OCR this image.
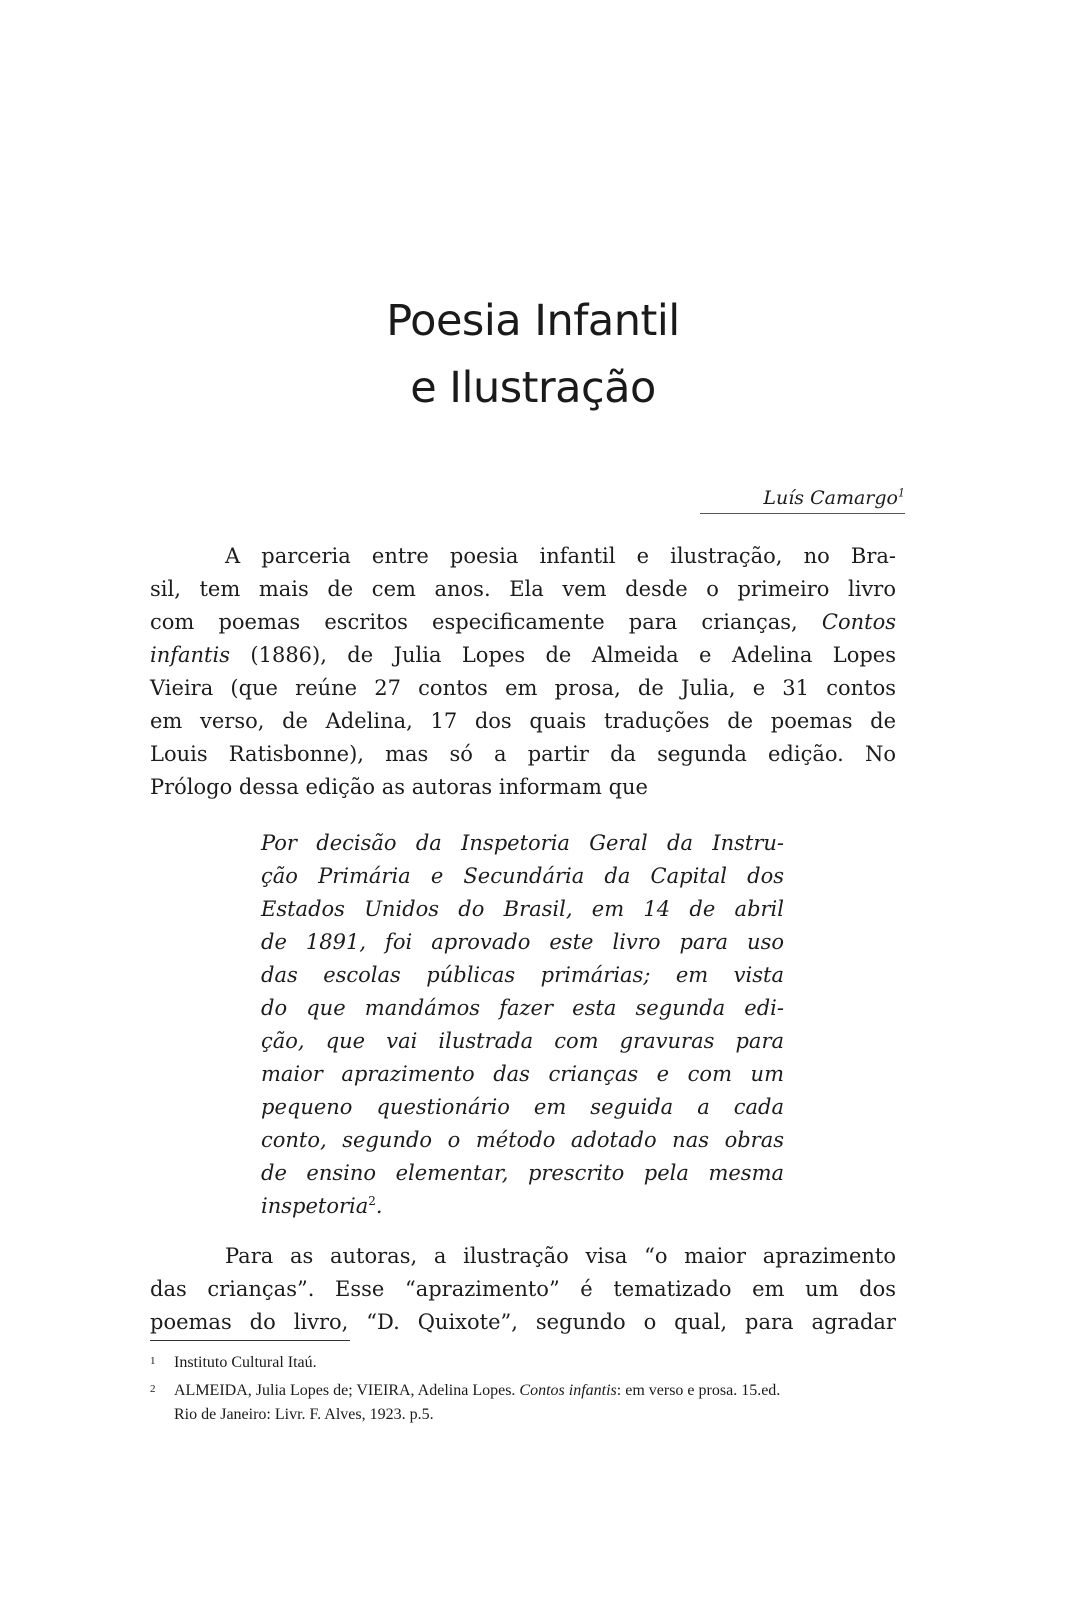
Poesia Infantil
e Ilustração
Luís Camargo$^1$
A parceria entre poesia infantil e ilustração, no Bra-
sil, tem mais de cem anos. Ela vem desde o primeiro livro
com poemas escritos especificamente para crianças, Contos
infantis (1886), de Julia Lopes de Almeida e Adelina Lopes
Vieira (que reúne 27 contos em prosa, de Julia, e 31 contos
em verso, de Adelina, 17 dos quais traduções de poemas de
Louis Ratisbonne), mas só a partir da segunda edição. No
Prólogo dessa edição as autoras informam que
Por decisão da Inspetoria Geral da Instru-
ção Primária e Secundária da Capital dos
Estados Unidos do Brasil, em 14 de abril
de 1891, foi aprovado este livro para uso
das escolas públicas primárias; em vista
do que mandámos fazer esta segunda edi-
ção, que vai ilustrada com gravuras para
maior aprazimento das crianças e com um
pequeno questionário em seguida a cada
conto, segundo o método adotado nas obras
de ensino elementar, prescrito pela mesma
inspetoria$^2$.
Para as autoras, a ilustração visa “o maior aprazimento
das crianças”. Esse “aprazimento” é tematizado em um dos
poemas do livro, “D. Quixote”, segundo o qual, para agradar
1	Instituto Cultural Itaú.
2	ALMEIDA, Julia Lopes de; VIEIRA, Adelina Lopes. Contos infantis: em verso e prosa. 15.ed.
Rio de Janeiro: Livr. F. Alves, 1923. p.5.
